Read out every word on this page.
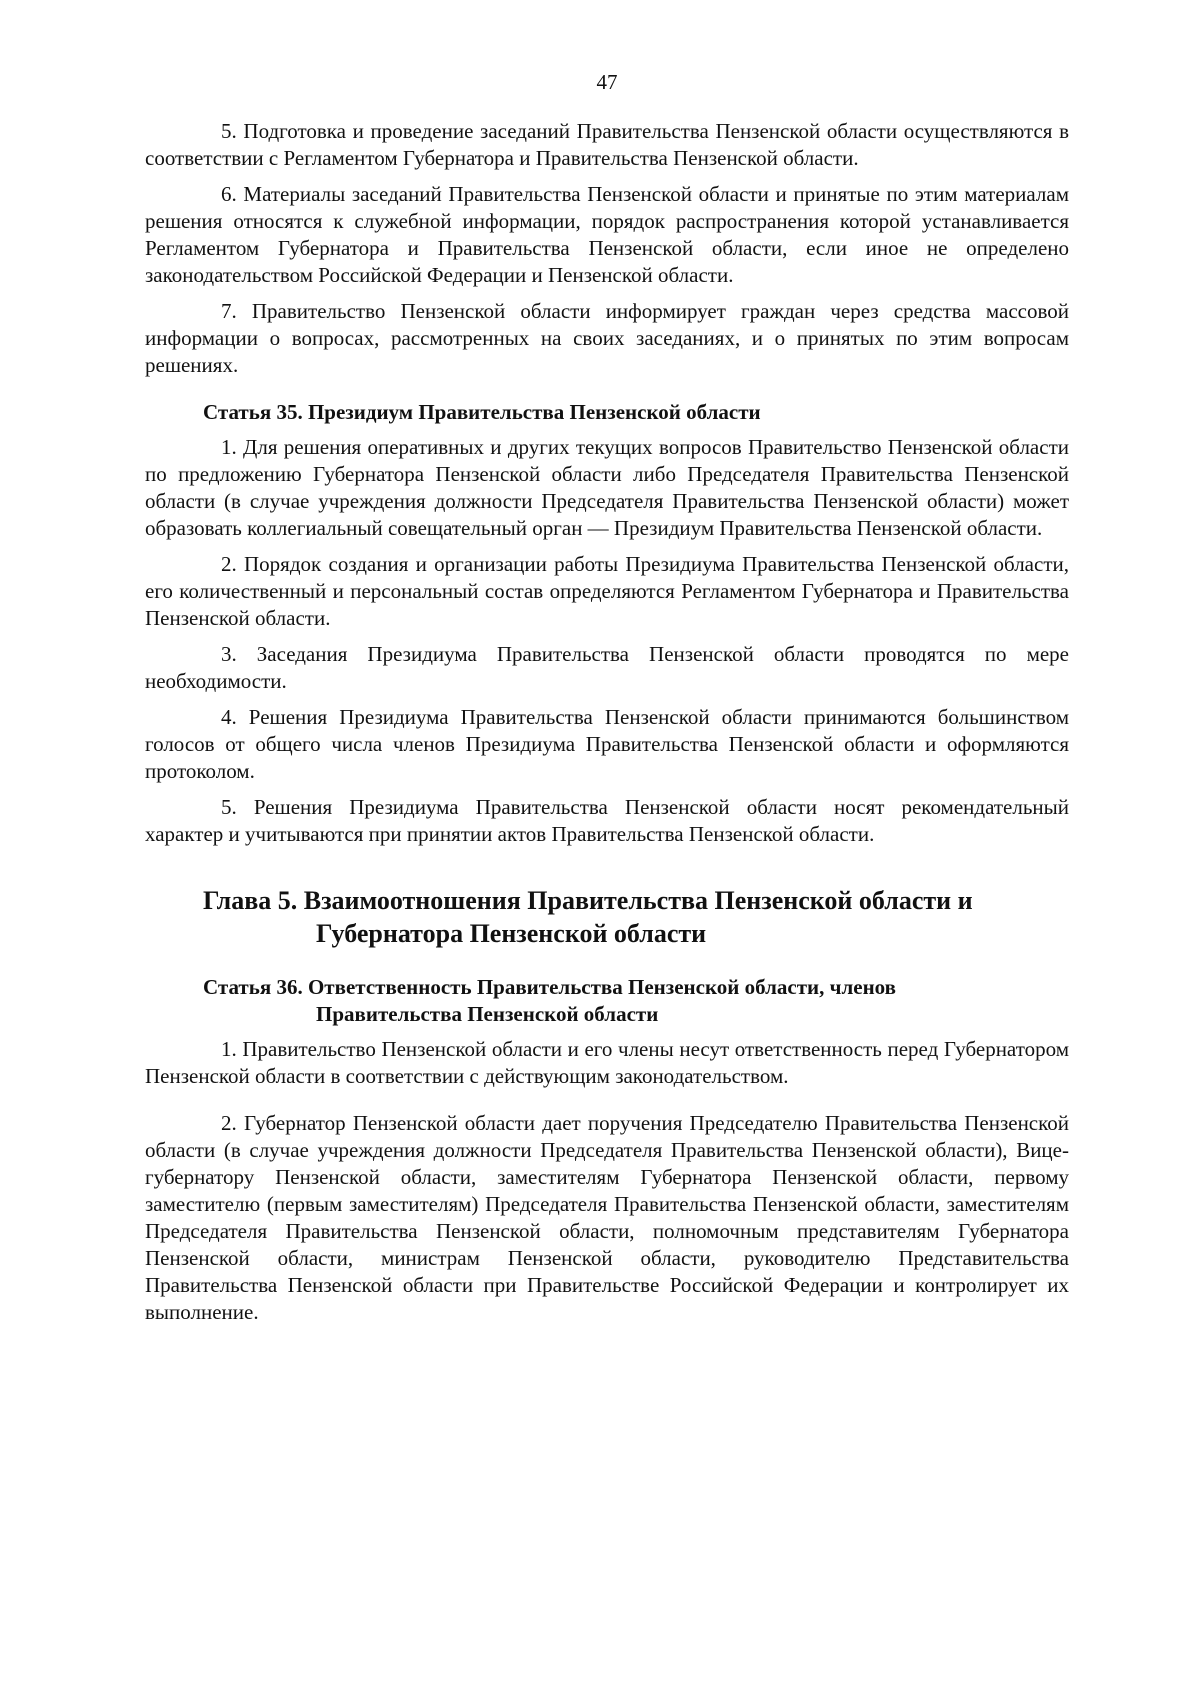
47

5. Подготовка и проведение заседаний Правительства Пензенской области осуществляются в соответствии с Регламентом Губернатора и Правительства Пензенской области.

6. Материалы заседаний Правительства Пензенской области и принятые по этим материалам решения относятся к служебной информации, порядок распространения которой устанавливается Регламентом Губернатора и Правительства Пензенской области, если иное не определено законодательством Российской Федерации и Пензенской области.

7. Правительство Пензенской области информирует граждан через средства массовой информации о вопросах, рассмотренных на своих заседаниях, и о принятых по этим вопросам решениях.

Статья 35. Президиум Правительства Пензенской области

1. Для решения оперативных и других текущих вопросов Правительство Пензенской области по предложению Губернатора Пензенской области либо Председателя Правительства Пензенской области (в случае учреждения должности Председателя Правительства Пензенской области) может образовать коллегиальный совещательный орган — Президиум Правительства Пензенской области.

2. Порядок создания и организации работы Президиума Правительства Пензенской области, его количественный и персональный состав определяются Регламентом Губернатора и Правительства Пензенской области.

3. Заседания Президиума Правительства Пензенской области проводятся по мере необходимости.

4. Решения Президиума Правительства Пензенской области принимаются большинством голосов от общего числа членов Президиума Правительства Пензенской области и оформляются протоколом.

5. Решения Президиума Правительства Пензенской области носят рекомендательный характер и учитываются при принятии актов Правительства Пензенской области.

Глава 5. Взаимоотношения Правительства Пензенской области и
Губернатора Пензенской области
Статья 36. Ответственность Правительства Пензенской области, членов
Правительства Пензенской области

1. Правительство Пензенской области и его члены несут ответственность перед Губернатором Пензенской области в соответствии с действующим законодательством.

2. Губернатор Пензенской области дает поручения Председателю Правительства Пензенской области (в случае учреждения должности Председателя Правительства Пензенской области), Вице-губернатору Пензенской области, заместителям Губернатора Пензенской области, первому заместителю (первым заместителям) Председателя Правительства Пензенской области, заместителям Председателя Правительства Пензенской области, полномочным представителям Губернатора Пензенской области, министрам Пензенской области, руководителю Представительства Правительства Пензенской области при Правительстве Российской Федерации и контролирует их выполнение.
